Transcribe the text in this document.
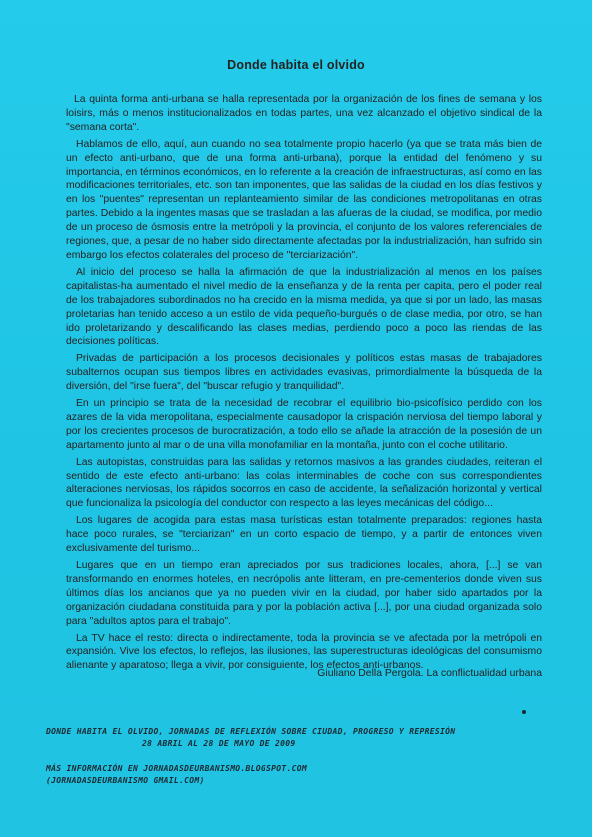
Donde habita el olvido

La quinta forma anti-urbana se halla representada por la organización de los fines de semana y los loisirs, más o menos institucionalizados en todas partes, una vez alcanzado el objetivo sindical de la "semana corta".

Hablamos de ello, aquí, aun cuando no sea totalmente propio hacerlo (ya que se trata más bien de un efecto anti-urbano, que de una forma anti-urbana), porque la entidad del fenómeno y su importancia, en términos económicos, en lo referente a la creación de infraestructuras, así como en las modificaciones territoriales, etc. son tan imponentes, que las salidas de la ciudad en los días festivos y en los "puentes" representan un replanteamiento similar de las condiciones metropolitanas en otras partes. Debido a la ingentes masas que se trasladan a las afueras de la ciudad, se modifica, por medio de un proceso de ósmosis entre la metrópoli y la provincia, el conjunto de los valores referenciales de regiones, que, a pesar de no haber sido directamente afectadas por la industrialización, han sufrido sin embargo los efectos colaterales del proceso de "terciarización".

Al inicio del proceso se halla la afirmación de que la industrialización al menos en los países capitalistas-ha aumentado el nivel medio de la enseñanza y de la renta per capita, pero el poder real de los trabajadores subordinados no ha crecido en la misma medida, ya que si por un lado, las masas proletarias han tenido acceso a un estilo de vida pequeño-burgués o de clase media, por otro, se han ido proletarizando y descalificando las clases medias, perdiendo poco a poco las riendas de las decisiones políticas.

Privadas de participación a los procesos decisionales y políticos estas masas de trabajadores subalternos ocupan sus tiempos libres en actividades evasivas, primordialmente la búsqueda de la diversión, del "irse fuera", del "buscar refugio y tranquilidad".

En un principio se trata de la necesidad de recobrar el equilibrio bio-psicofísico perdido con los azares de la vida meropolitana, especialmente causadopor la crispación nerviosa del tiempo laboral y por los crecientes procesos de burocratización, a todo ello se añade la atracción de la posesión de un apartamento junto al mar o de una villa monofamiliar en la montaña, junto con el coche utilitario.

Las autopistas, construidas para las salidas y retornos masivos a las grandes ciudades, reiteran el sentido de este efecto anti-urbano: las colas interminables de coche con sus correspondientes alteraciones nerviosas, los rápidos socorros en caso de accidente, la señalización horizontal y vertical que funcionaliza la psicología del conductor con respecto a las leyes mecánicas del código...

Los lugares de acogida para estas masa turísticas estan totalmente preparados: regiones hasta hace poco rurales, se "terciarizan" en un corto espacio de tiempo, y a partir de entonces viven exclusivamente del turismo...

Lugares que en un tiempo eran apreciados por sus tradiciones locales, ahora, [...] se van transformando en enormes hoteles, en necrópolis ante litteram, en pre-cementerios donde viven sus últimos días los ancianos que ya no pueden vivir en la ciudad, por haber sido apartados por la organización ciudadana constituida para y por la población activa [...], por una ciudad organizada solo para "adultos aptos para el trabajo".

La TV hace el resto: directa o indirectamente, toda la provincia se ve afectada por la metrópoli en expansión. Vive los efectos, lo reflejos, las ilusiones, las superestructuras ideológicas del consumismo alienante y aparatoso; llega a vivir, por consiguiente, los efectos anti-urbanos.

Giuliano Della Pergola. La conflictualidad urbana
DONDE HABITA EL OLVIDO, JORNADAS DE REFLEXIÓN SOBRE CIUDAD, PROGRESO Y REPRESIÓN
28 ABRIL AL 28 DE MAYO DE 2009
MÁS INFORMACIÓN EN JORNADASDEURBANISMO.BLOGSPOT.COM
(JORNADASDEURBANISMO GMAIL.COM)
